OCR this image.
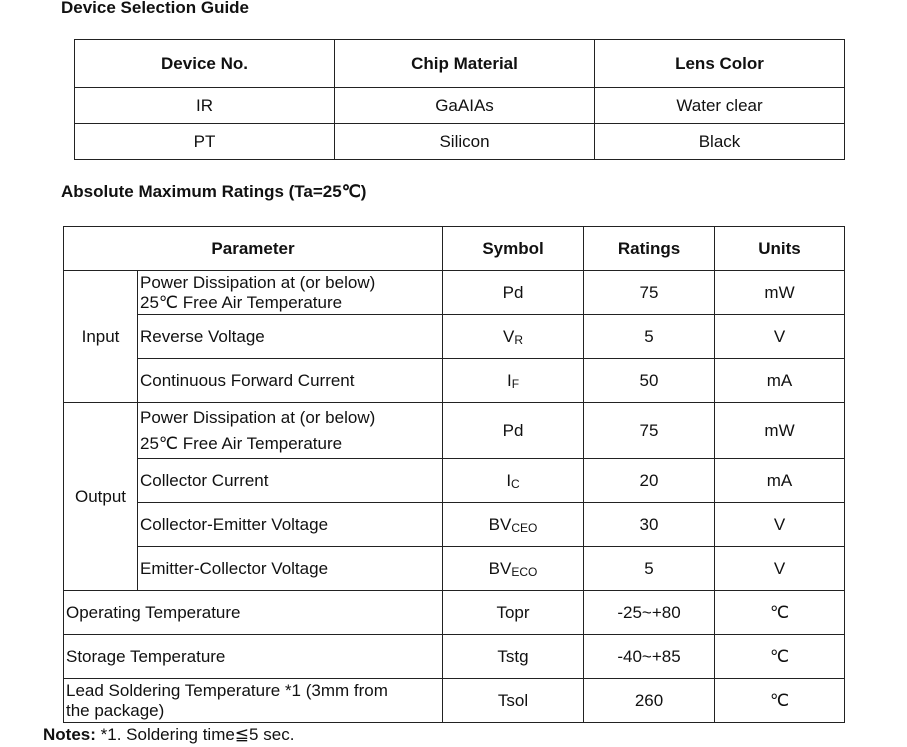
Device Selection Guide
Device No.	Chip Material	Lens Color
IR	GaAIAs	Water clear
PT	Silicon	Black
Absolute Maximum Ratings (Ta=25℃)
Parameter		Symbol	Ratings	Units
Input	Power Dissipation at (or below)
25℃ Free Air Temperature	Pd	75	mW
	Reverse Voltage	$V_R$	5	V
	Continuous Forward Current	$I_F$	50	mA
Output	Power Dissipation at (or below)
25℃ Free Air Temperature	Pd	75	mW
	Collector Current	$I_C$	20	mA
	Collector-Emitter Voltage	$BV_{CEO}$	30	V
	Emitter-Collector Voltage	$BV_{ECO}$	5	V
Operating Temperature		Topr	-25~+80	℃
Storage Temperature		Tstg	-40~+85	℃
Lead Soldering Temperature *1 (3mm from
the package)		Tsol	260	℃
Notes: *1. Soldering time≦5 sec.
